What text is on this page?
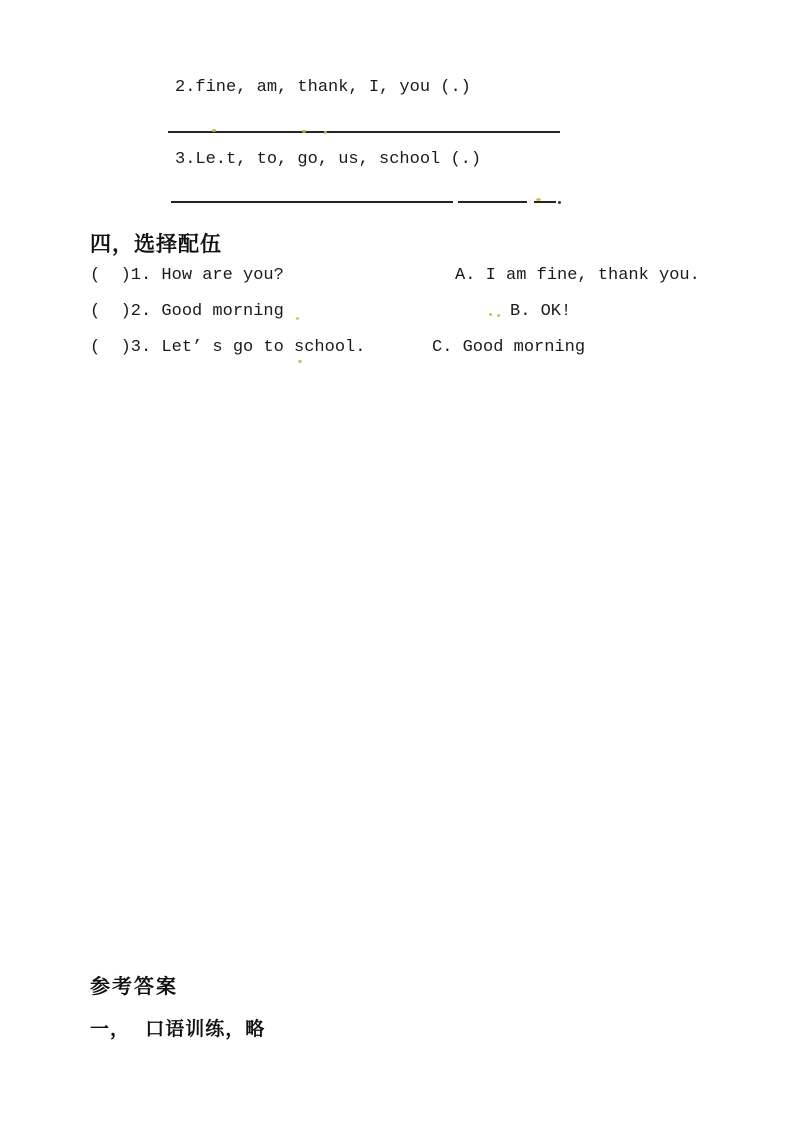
2.fine, am, thank, I, you (.)
3.Le.t, to, go, us, school (.)
四，选择配伍

(  )1. How are you?

	A. I am fine, thank you.

(  )2. Good morning

	B. OK!

(  )3. Let’ s go to school.

	C. Good morning

参考答案
一，  口语训练，略
